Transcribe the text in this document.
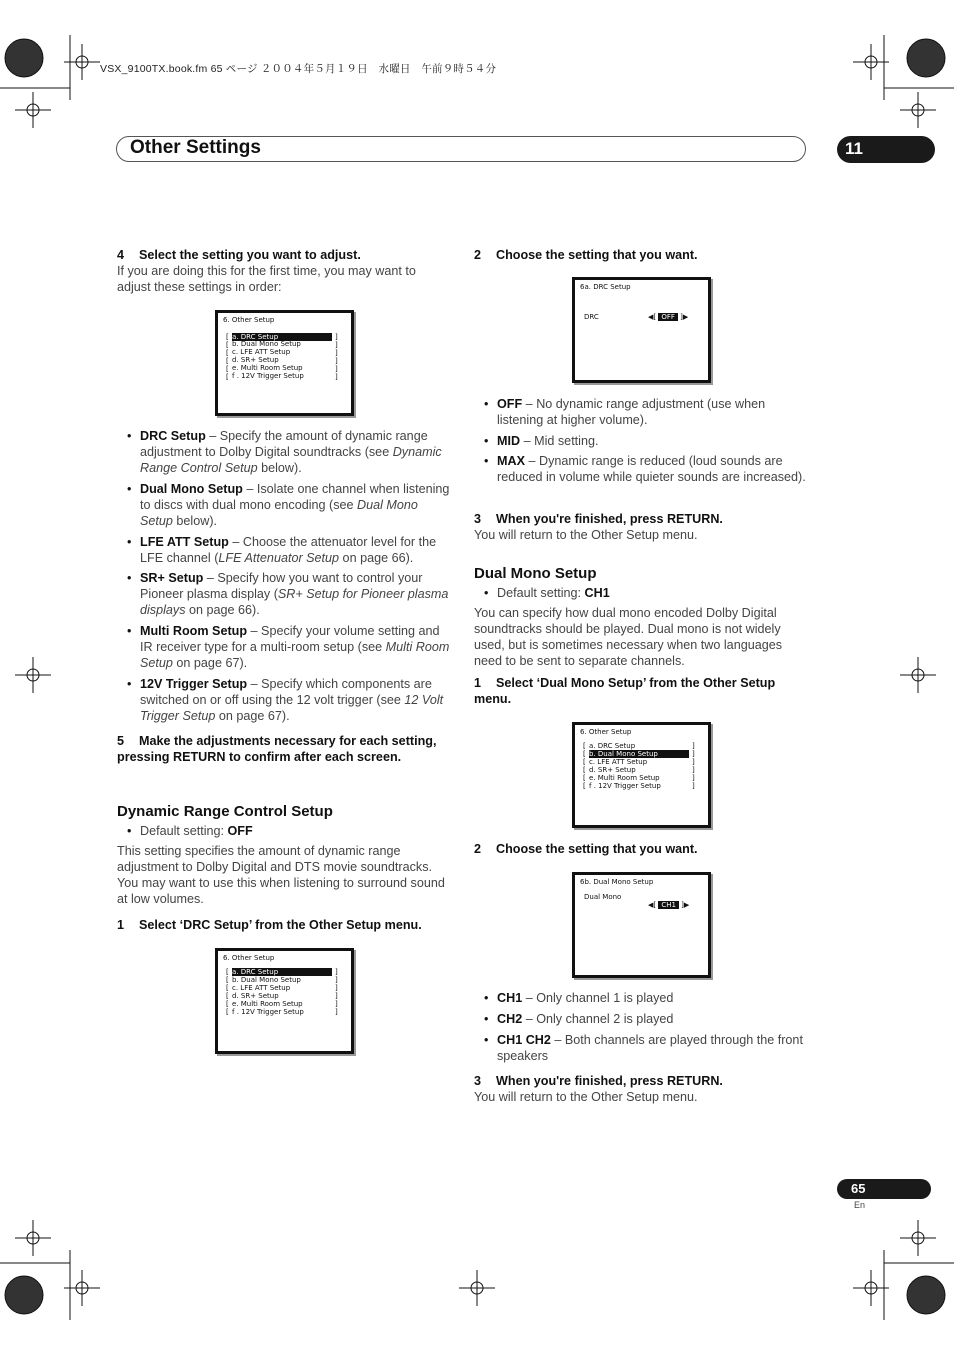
VSX_9100TX.book.fm 65 ページ ２００４年５月１９日　水曜日　午前９時５４分
Other Settings	11
4 Select the setting you want to adjust.
If you are doing this for the first time, you may want to adjust these settings in order:
6. Other Setup
[
[
[
[
[
[
]
]
]
]
]
]
a. DRC Setup
b. Dual Mono Setup
c. LFE ATT Setup
d. SR+ Setup
e. Multi Room Setup
f . 12V Trigger Setup
• DRC Setup – Specify the amount of dynamic range adjustment to Dolby Digital soundtracks (see Dynamic Range Control Setup below).
• Dual Mono Setup – Isolate one channel when listening to discs with dual mono encoding (see Dual Mono Setup below).
• LFE ATT Setup – Choose the attenuator level for the LFE channel (LFE Attenuator Setup on page 66).
• SR+ Setup – Specify how you want to control your Pioneer plasma display (SR+ Setup for Pioneer plasma displays on page 66).
• Multi Room Setup – Specify your volume setting and IR receiver type for a multi-room setup (see Multi Room Setup on page 67).
• 12V Trigger Setup – Specify which components are switched on or off using the 12 volt trigger (see 12 Volt Trigger Setup on page 67).
5 Make the adjustments necessary for each setting, pressing RETURN to confirm after each screen.
Dynamic Range Control Setup
• Default setting: OFF
This setting specifies the amount of dynamic range adjustment to Dolby Digital and DTS movie soundtracks. You may want to use this when listening to surround sound at low volumes.
1 Select ‘DRC Setup’ from the Other Setup menu.
6. Other Setup
[
[
[
[
[
[
]
]
]
]
]
]
a. DRC Setup
b. Dual Mono Setup
c. LFE ATT Setup
d. SR+ Setup
e. Multi Room Setup
f . 12V Trigger Setup
2 Choose the setting that you want.
6a. DRC Setup
DRC	◀[ OFF ]▶
• OFF – No dynamic range adjustment (use when listening at higher volume).
• MID – Mid setting.
• MAX – Dynamic range is reduced (loud sounds are reduced in volume while quieter sounds are increased).
3 When you're finished, press RETURN.
You will return to the Other Setup menu.
Dual Mono Setup
• Default setting: CH1
You can specify how dual mono encoded Dolby Digital soundtracks should be played. Dual mono is not widely used, but is sometimes necessary when two languages need to be sent to separate channels.
1 Select ‘Dual Mono Setup’ from the Other Setup menu.
6. Other Setup
[
[
[
[
[
[
]
]
]
]
]
]
a. DRC Setup
b. Dual Mono Setup
c. LFE ATT Setup
d. SR+ Setup
e. Multi Room Setup
f . 12V Trigger Setup
2 Choose the setting that you want.
6b. Dual Mono Setup
Dual Mono
◀[ CH1 ]▶
• CH1 – Only channel 1 is played
• CH2 – Only channel 2 is played
• CH1 CH2 – Both channels are played through the front speakers
3 When you're finished, press RETURN.
You will return to the Other Setup menu.
65
En
